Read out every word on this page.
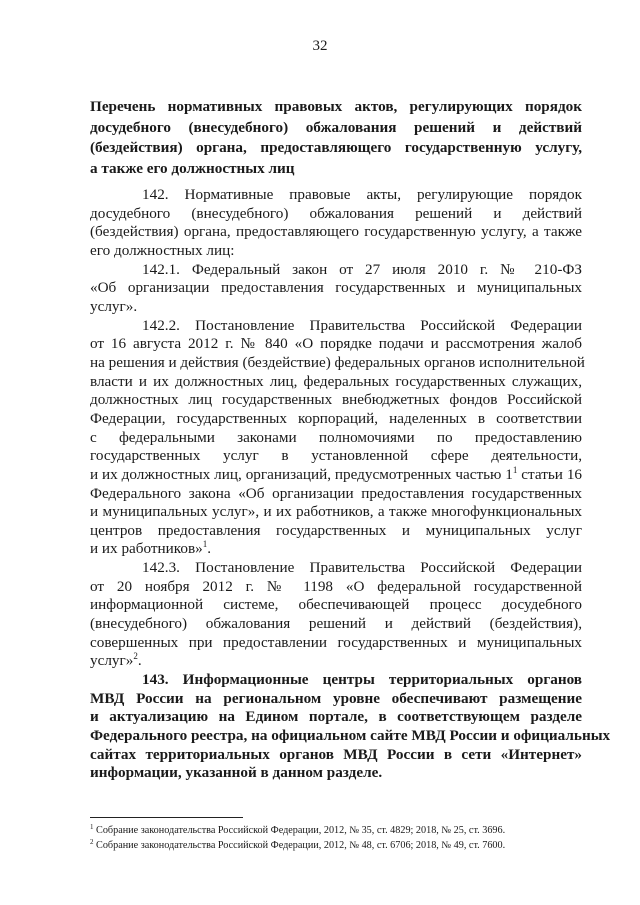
32
Перечень нормативных правовых актов, регулирующих порядок
досудебного (внесудебного) обжалования решений и действий
(бездействия) органа, предоставляющего государственную услугу,
а также его должностных лиц
142. Нормативные правовые акты, регулирующие порядок
досудебного (внесудебного) обжалования решений и действий
(бездействия) органа, предоставляющего государственную услугу, а также
его должностных лиц:
142.1. Федеральный закон от 27 июля 2010 г. № 210-ФЗ
«Об организации предоставления государственных и муниципальных
услуг».
142.2. Постановление Правительства Российской Федерации
от 16 августа 2012 г. № 840 «О порядке подачи и рассмотрения жалоб
на решения и действия (бездействие) федеральных органов исполнительной
власти и их должностных лиц, федеральных государственных служащих,
должностных лиц государственных внебюджетных фондов Российской
Федерации, государственных корпораций, наделенных в соответствии
с федеральными законами полномочиями по предоставлению
государственных услуг в установленной сфере деятельности,
и их должностных лиц, организаций, предусмотренных частью $1^1$ статьи 16
Федерального закона «Об организации предоставления государственных
и муниципальных услуг», и их работников, а также многофункциональных
центров предоставления государственных и муниципальных услуг
и их работников»$^1$.
142.3. Постановление Правительства Российской Федерации
от 20 ноября 2012 г. № 1198 «О федеральной государственной
информационной системе, обеспечивающей процесс досудебного
(внесудебного) обжалования решений и действий (бездействия),
совершенных при предоставлении государственных и муниципальных
услуг»$^2$.
143. Информационные центры территориальных органов
МВД России на региональном уровне обеспечивают размещение
и актуализацию на Едином портале, в соответствующем разделе
Федерального реестра, на официальном сайте МВД России и официальных
сайтах территориальных органов МВД России в сети «Интернет»
информации, указанной в данном разделе.
$^1$ Собрание законодательства Российской Федерации, 2012, № 35, ст. 4829; 2018, № 25, ст. 3696.
$^2$ Собрание законодательства Российской Федерации, 2012, № 48, ст. 6706; 2018, № 49, ст. 7600.
